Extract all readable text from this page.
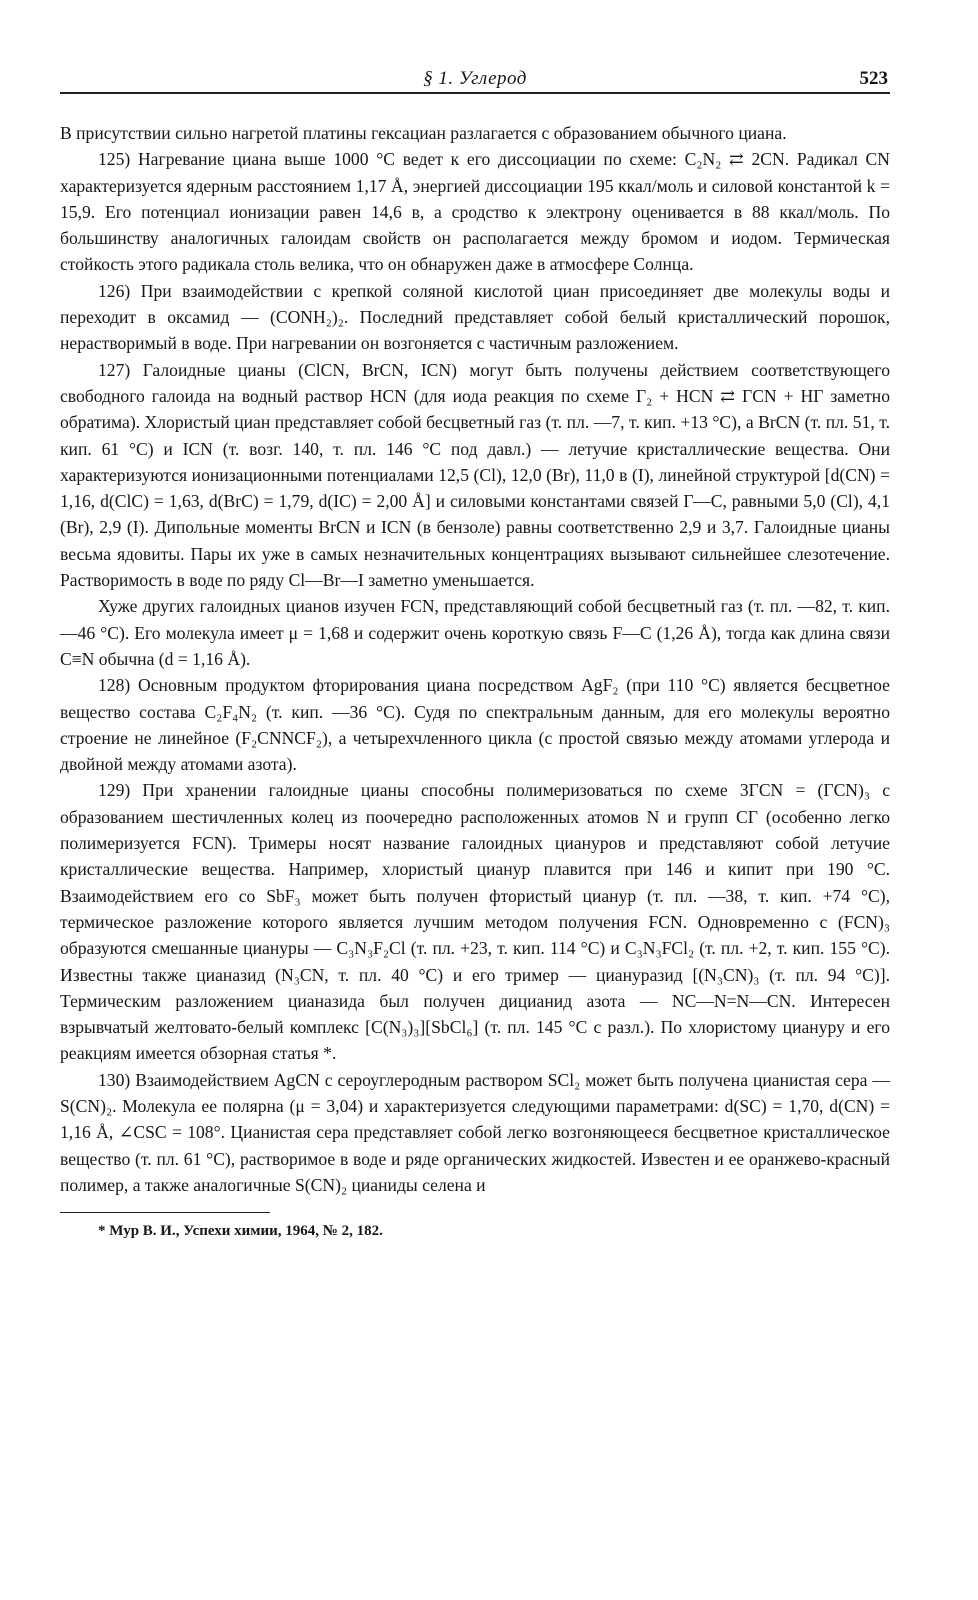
§ 1. Углерод	523

В присутствии сильно нагретой платины гексациан разлагается с образованием обычного циана.

125) Нагревание циана выше 1000 °С ведет к его диссоциации по схеме: C₂N₂ ⇄ 2CN. Радикал CN характеризуется ядерным расстоянием 1,17 Å, энергией диссоциации 195 ккал/моль и силовой константой k = 15,9. Его потенциал ионизации равен 14,6 в, а сродство к электрону оценивается в 88 ккал/моль. По большинству аналогичных галоидам свойств он располагается между бромом и иодом. Термическая стойкость этого радикала столь велика, что он обнаружен даже в атмосфере Солнца.

126) При взаимодействии с крепкой соляной кислотой циан присоединяет две молекулы воды и переходит в оксамид — (CONH₂)₂. Последний представляет собой белый кристаллический порошок, нерастворимый в воде. При нагревании он возгоняется с частичным разложением.

127) Галоидные цианы (ClCN, BrCN, ICN) могут быть получены действием соответствующего свободного галоида на водный раствор HCN (для иода реакция по схеме Г₂ + HCN ⇄ ГCN + HГ заметно обратима). Хлористый циан представляет собой бесцветный газ (т. пл. —7, т. кип. +13 °С), а BrCN (т. пл. 51, т. кип. 61 °С) и ICN (т. возг. 140, т. пл. 146 °С под давл.) — летучие кристаллические вещества. Они характеризуются ионизационными потенциалами 12,5 (Cl), 12,0 (Br), 11,0 в (I), линейной структурой [d(CN) = 1,16, d(ClC) = 1,63, d(BrC) = 1,79, d(IC) = 2,00 Å] и силовыми константами связей Г—С, равными 5,0 (Cl), 4,1 (Br), 2,9 (I). Дипольные моменты BrCN и ICN (в бензоле) равны соответственно 2,9 и 3,7. Галоидные цианы весьма ядовиты. Пары их уже в самых незначительных концентрациях вызывают сильнейшее слезотечение. Растворимость в воде по ряду Cl—Br—I заметно уменьшается.

Хуже других галоидных цианов изучен FCN, представляющий собой бесцветный газ (т. пл. —82, т. кип. —46 °С). Его молекула имеет μ = 1,68 и содержит очень короткую связь F—C (1,26 Å), тогда как длина связи C≡N обычна (d = 1,16 Å).

128) Основным продуктом фторирования циана посредством AgF₂ (при 110 °С) является бесцветное вещество состава C₂F₄N₂ (т. кип. —36 °С). Судя по спектральным данным, для его молекулы вероятно строение не линейное (F₂CNNCF₂), а четырехчленного цикла (с простой связью между атомами углерода и двойной между атомами азота).

129) При хранении галоидные цианы способны полимеризоваться по схеме 3ГCN = (ГCN)₃ с образованием шестичленных колец из поочередно расположенных атомов N и групп CГ (особенно легко полимеризуется FCN). Тримеры носят название галоидных циануров и представляют собой летучие кристаллические вещества. Например, хлористый цианур плавится при 146 и кипит при 190 °С. Взаимодействием его со SbF₃ может быть получен фтористый цианур (т. пл. —38, т. кип. +74 °С), термическое разложение которого является лучшим методом получения FCN. Одновременно с (FCN)₃ образуются смешанные циануры — C₃N₃F₂Cl (т. пл. +23, т. кип. 114 °С) и C₃N₃FCl₂ (т. пл. +2, т. кип. 155 °С). Известны также цианазид (N₃CN, т. пл. 40 °С) и его тример — циануразид [(N₃CN)₃ (т. пл. 94 °С)]. Термическим разложением цианазида был получен дицианид азота — NC—N=N—CN. Интересен взрывчатый желтовато-белый комплекс [C(N₃)₃][SbCl₆] (т. пл. 145 °С с разл.). По хлористому циануру и его реакциям имеется обзорная статья *.

130) Взаимодействием AgCN с сероуглеродным раствором SCl₂ может быть получена цианистая сера — S(CN)₂. Молекула ее полярна (μ = 3,04) и характеризуется следующими параметрами: d(SC) = 1,70, d(CN) = 1,16 Å, ∠CSC = 108°. Цианистая сера представляет собой легко возгоняющееся бесцветное кристаллическое вещество (т. пл. 61 °С), растворимое в воде и ряде органических жидкостей. Известен и ее оранжево-красный полимер, а также аналогичные S(CN)₂ цианиды селена и

* Мур В. И., Успехи химии, 1964, № 2, 182.
